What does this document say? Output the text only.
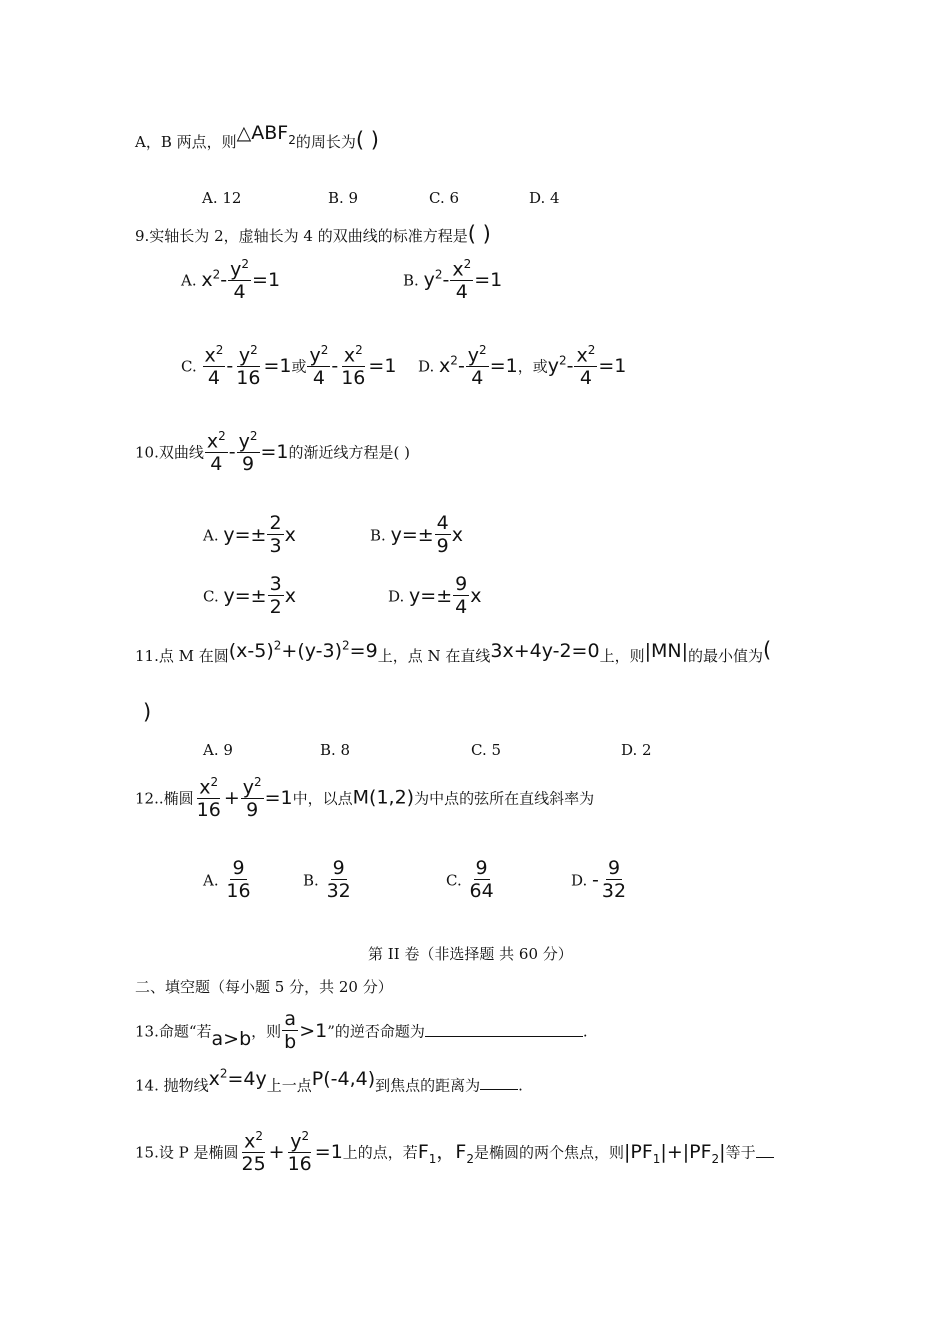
A，B 两点，则$\triangle ABF_2$的周长为( )
A. 12	B. 9	C. 6	D. 4
9.实轴长为 2，虚轴长为 4 的双曲线的标准方程是( )
A. $x^2- \frac{y^2}{4} =1$	B. $y^2- \frac{x^2}{4} =1$
C. $\frac{x^2}{4} - \frac{y^2}{16} =1$或 $\frac{y^2}{4} - \frac{x^2}{16} =1$ D. $x^2- \frac{y^2}{4} =1$，或$y^2- \frac{x^2}{4} =1$
10.双曲线 $\frac{x^2}{4} - \frac{y^2}{9} =1$的渐近线方程是( )
A. $y=\pm \frac{2}{3}$ x	B. $y=\pm \frac{4}{9}$ x
C. $y=\pm \frac{3}{2}$ x	D. $y=\pm \frac{9}{4}$ x
11.点 M 在圆$(x-5)^2+(y-3)^2=9$上，点 N 在直线3x+4y-2=0上，则|MN|的最小值为(
)
A. 9	B. 8	C. 5	D. 2
12..椭圆 $\frac{x^2}{16} + \frac{y^2}{9} =1$中，以点M(1,2)为中点的弦所在直线斜率为
A. $\frac{9}{16}$	B. $\frac{9}{32}$	C. $\frac{9}{64}$	D. - $\frac{9}{32}$
第 II 卷（非选择题 共 60 分）
二、填空题（每小题 5 分，共 20 分）
13.命题“若a>b，则 $\frac{a}{b} >1$”的逆否命题为	.
14. 抛物线$x^2=4y$上一点P(-4,4)到焦点的距离为	.
15.设 P 是椭圆 $\frac{x^2}{25} + \frac{y^2}{16} =1$上的点，若$F_1$，$F_2$是椭圆的两个焦点，则$|PF_1|+|PF_2|$等于
